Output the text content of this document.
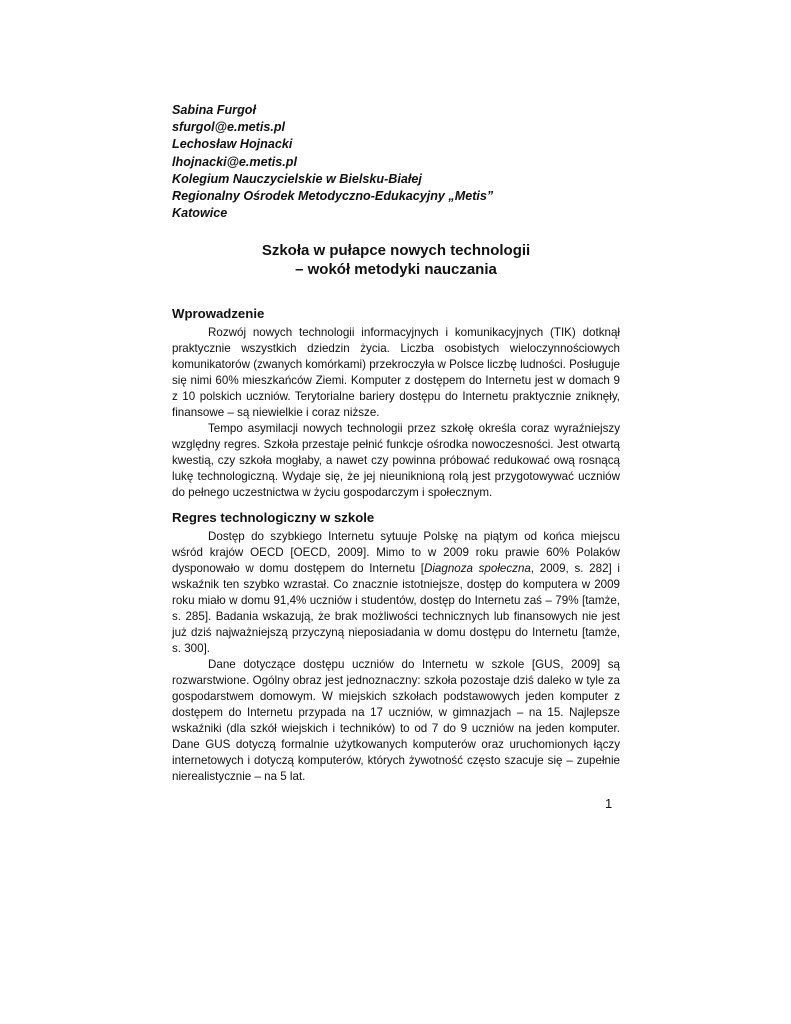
Sabina Furgoł
sfurgol@e.metis.pl
Lechosław Hojnacki
lhojnacki@e.metis.pl
Kolegium Nauczycielskie w Bielsku-Białej
Regionalny Ośrodek Metodyczno-Edukacyjny „Metis”
Katowice
Szkoła w pułapce nowych technologii
– wokół metodyki nauczania
Wprowadzenie

Rozwój nowych technologii informacyjnych i komunikacyjnych (TIK) dotknął praktycznie wszystkich dziedzin życia. Liczba osobistych wieloczynnościowych komunikatorów (zwanych komórkami) przekroczyła w Polsce liczbę ludności. Posługuje się nimi 60% mieszkańców Ziemi. Komputer z dostępem do Internetu jest w domach 9 z 10 polskich uczniów. Terytorialne bariery dostępu do Internetu praktycznie zniknęły, finansowe – są niewielkie i coraz niższe.

Tempo asymilacji nowych technologii przez szkołę określa coraz wyraźniejszy względny regres. Szkoła przestaje pełnić funkcje ośrodka nowoczesności. Jest otwartą kwestią, czy szkoła mogłaby, a nawet czy powinna próbować redukować ową rosnącą lukę technologiczną. Wydaje się, że jej nieuniknioną rolą jest przygotowywać uczniów do pełnego uczestnictwa w życiu gospodarczym i społecznym.

Regres technologiczny w szkole

Dostęp do szybkiego Internetu sytuuje Polskę na piątym od końca miejscu wśród krajów OECD [OECD, 2009]. Mimo to w 2009 roku prawie 60% Polaków dysponowało w domu dostępem do Internetu [Diagnoza społeczna, 2009, s. 282] i wskaźnik ten szybko wzrastał. Co znacznie istotniejsze, dostęp do komputera w 2009 roku miało w domu 91,4% uczniów i studentów, dostęp do Internetu zaś – 79% [tamże, s. 285]. Badania wskazują, że brak możliwości technicznych lub finansowych nie jest już dziś najważniejszą przyczyną nieposiadania w domu dostępu do Internetu [tamże, s. 300].

Dane dotyczące dostępu uczniów do Internetu w szkole [GUS, 2009] są rozwarstwione. Ogólny obraz jest jednoznaczny: szkoła pozostaje dziś daleko w tyle za gospodarstwem domowym. W miejskich szkołach podstawowych jeden komputer z dostępem do Internetu przypada na 17 uczniów, w gimnazjach – na 15. Najlepsze wskaźniki (dla szkół wiejskich i techników) to od 7 do 9 uczniów na jeden komputer. Dane GUS dotyczą formalnie użytkowanych komputerów oraz uruchomionych łączy internetowych i dotyczą komputerów, których żywotność często szacuje się – zupełnie nierealistycznie – na 5 lat.

1
